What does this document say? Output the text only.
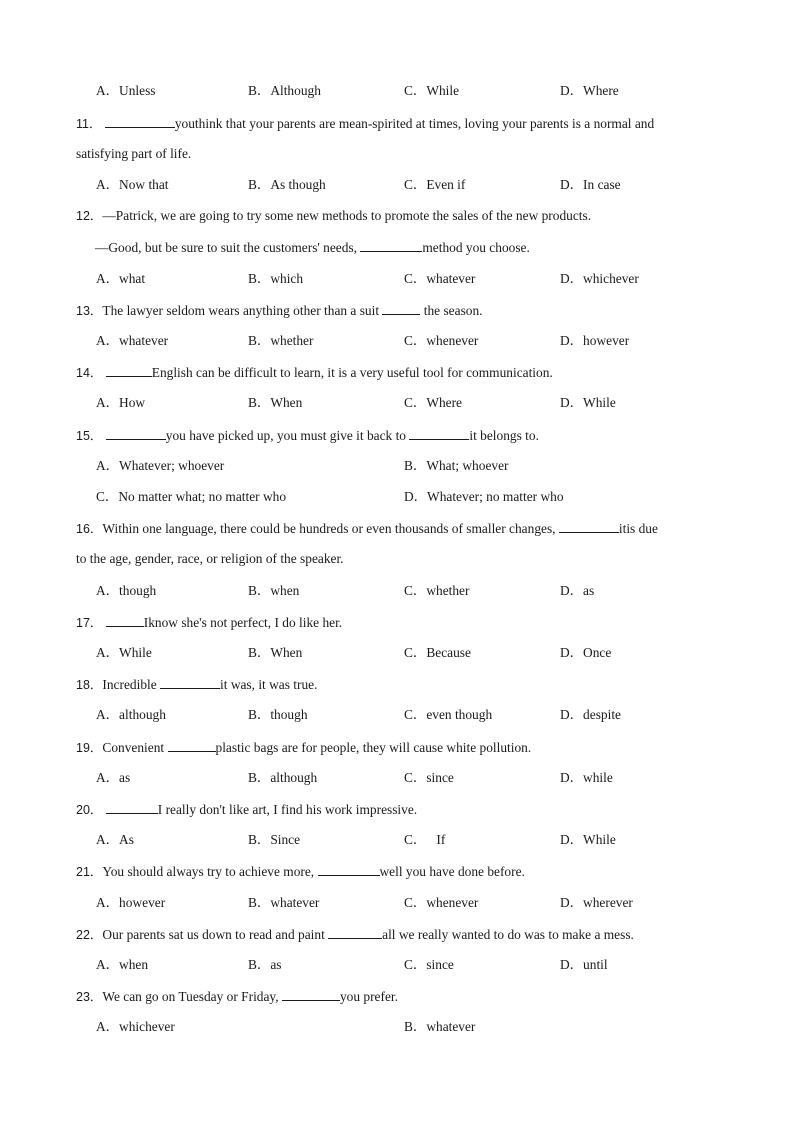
A．Unless	B．Although	C．While	D．Where
11．	youthink that your parents are mean-spirited at times, loving your parents is a normal and
satisfying part of life.
A．Now that	B．As though	C．Even if	D．In case
12．—Patrick, we are going to try some new methods to promote the sales of the new products.
—Good, but be sure to suit the customers' needs,	method you choose.
A．what	B．which	C．whatever	D．whichever
13．The lawyer seldom wears anything other than a suit	the season.
A．whatever	B．whether	C．whenever	D．however
14．	English can be difficult to learn, it is a very useful tool for communication.
A．How	B．When	C．Where	D．While
15．	you have picked up, you must give it back to	it belongs to.
A．Whatever; whoever	B．What; whoever
C．No matter what; no matter who	D．Whatever; no matter who
16．Within one language, there could be hundreds or even thousands of smaller changes,	itis due
to the age, gender, race, or religion of the speaker.
A．though	B．when	C．whether	D．as
17．	Iknow she's not perfect, I do like her.
A．While	B．When	C．Because	D．Once
18．Incredible	it was, it was true.
A．although	B．though	C．even though	D．despite
19．Convenient	plastic bags are for people, they will cause white pollution.
A．as	B．although	C．since	D．while
20．	I really don't like art, I find his work impressive.
A．As	B．Since	C．   If	D．While
21．You should always try to achieve more,	well you have done before.
A．however	B．whatever	C．whenever	D．wherever
22．Our parents sat us down to read and paint	all we really wanted to do was to make a mess.
A．when	B．as	C．since	D．until
23．We can go on Tuesday or Friday,	you prefer.
A．whichever	B．whatever
